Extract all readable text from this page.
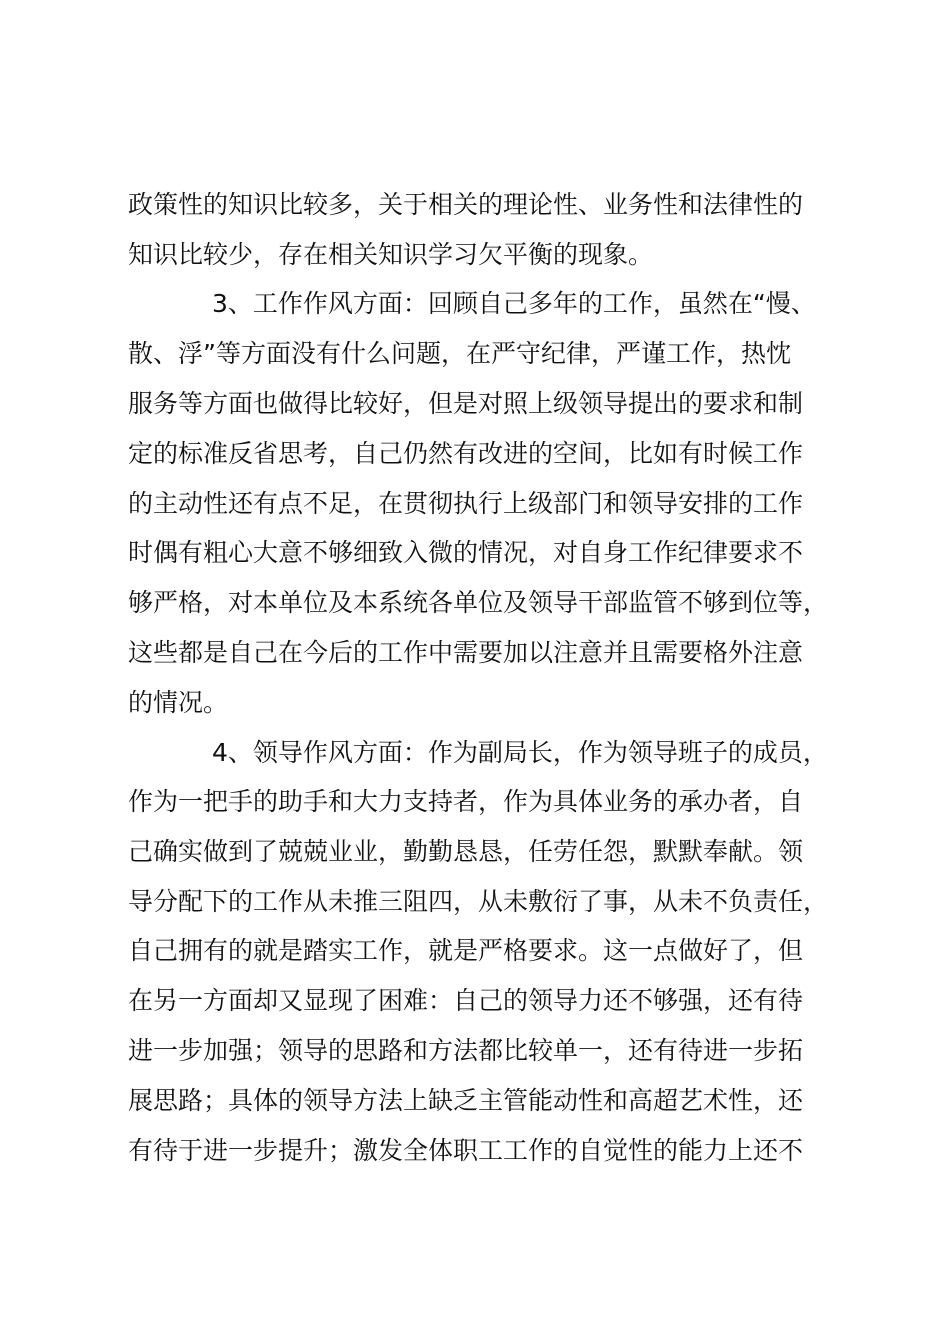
政策性的知识比较多，关于相关的理论性、业务性和法律性的
知识比较少，存在相关知识学习欠平衡的现象。
3、工作作风方面：回顾自己多年的工作，虽然在“慢、
散、浮”等方面没有什么问题，在严守纪律，严谨工作，热忱
服务等方面也做得比较好，但是对照上级领导提出的要求和制
定的标准反省思考，自己仍然有改进的空间，比如有时候工作
的主动性还有点不足，在贯彻执行上级部门和领导安排的工作
时偶有粗心大意不够细致入微的情况，对自身工作纪律要求不
够严格，对本单位及本系统各单位及领导干部监管不够到位等，
这些都是自己在今后的工作中需要加以注意并且需要格外注意
的情况。
4、领导作风方面：作为副局长，作为领导班子的成员，
作为一把手的助手和大力支持者，作为具体业务的承办者，自
己确实做到了兢兢业业，勤勤恳恳，任劳任怨，默默奉献。领
导分配下的工作从未推三阻四，从未敷衍了事，从未不负责任，
自己拥有的就是踏实工作，就是严格要求。这一点做好了，但
在另一方面却又显现了困难：自己的领导力还不够强，还有待
进一步加强；领导的思路和方法都比较单一，还有待进一步拓
展思路；具体的领导方法上缺乏主管能动性和高超艺术性，还
有待于进一步提升；激发全体职工工作的自觉性的能力上还不
